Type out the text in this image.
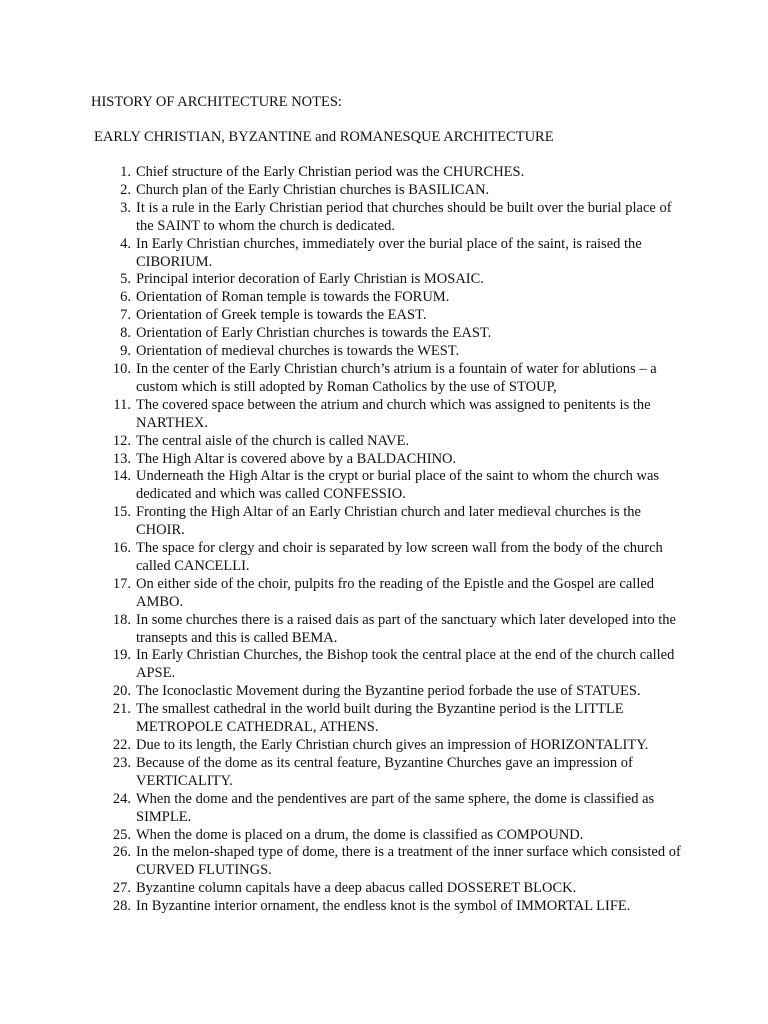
HISTORY OF ARCHITECTURE NOTES:
EARLY CHRISTIAN, BYZANTINE and ROMANESQUE ARCHITECTURE
1. Chief structure of the Early Christian period was the CHURCHES.
2. Church plan of the Early Christian churches is BASILICAN.
3. It is a rule in the Early Christian period that churches should be built over the burial place of the SAINT to whom the church is dedicated.
4. In Early Christian churches, immediately over the burial place of the saint, is raised the CIBORIUM.
5. Principal interior decoration of Early Christian is MOSAIC.
6. Orientation of Roman temple is towards the FORUM.
7. Orientation of Greek temple is towards the EAST.
8. Orientation of Early Christian churches is towards the EAST.
9. Orientation of medieval churches is towards the WEST.
10. In the center of the Early Christian church’s atrium is a fountain of water for ablutions – a custom which is still adopted by Roman Catholics by the use of STOUP,
11. The covered space between the atrium and church which was assigned to penitents is the NARTHEX.
12. The central aisle of the church is called NAVE.
13. The High Altar is covered above by a BALDACHINO.
14. Underneath the High Altar is the crypt or burial place of the saint to whom the church was dedicated and which was called CONFESSIO.
15. Fronting the High Altar of an Early Christian church and later medieval churches is the CHOIR.
16. The space for clergy and choir is separated by low screen wall from the body of the church called CANCELLI.
17. On either side of the choir, pulpits fro the reading of the Epistle and the Gospel are called AMBO.
18. In some churches there is a raised dais as part of the sanctuary which later developed into the transepts and this is called BEMA.
19. In Early Christian Churches, the Bishop took the central place at the end of the church called APSE.
20. The Iconoclastic Movement during the Byzantine period forbade the use of STATUES.
21. The smallest cathedral in the world built during the Byzantine period is the LITTLE METROPOLE CATHEDRAL, ATHENS.
22. Due to its length, the Early Christian church gives an impression of HORIZONTALITY.
23. Because of the dome as its central feature, Byzantine Churches gave an impression of VERTICALITY.
24. When the dome and the pendentives are part of the same sphere, the dome is classified as SIMPLE.
25. When the dome is placed on a drum, the dome is classified as COMPOUND.
26. In the melon-shaped type of dome, there is a treatment of the inner surface which consisted of CURVED FLUTINGS.
27. Byzantine column capitals have a deep abacus called DOSSERET BLOCK.
28. In Byzantine interior ornament, the endless knot is the symbol of IMMORTAL LIFE.
